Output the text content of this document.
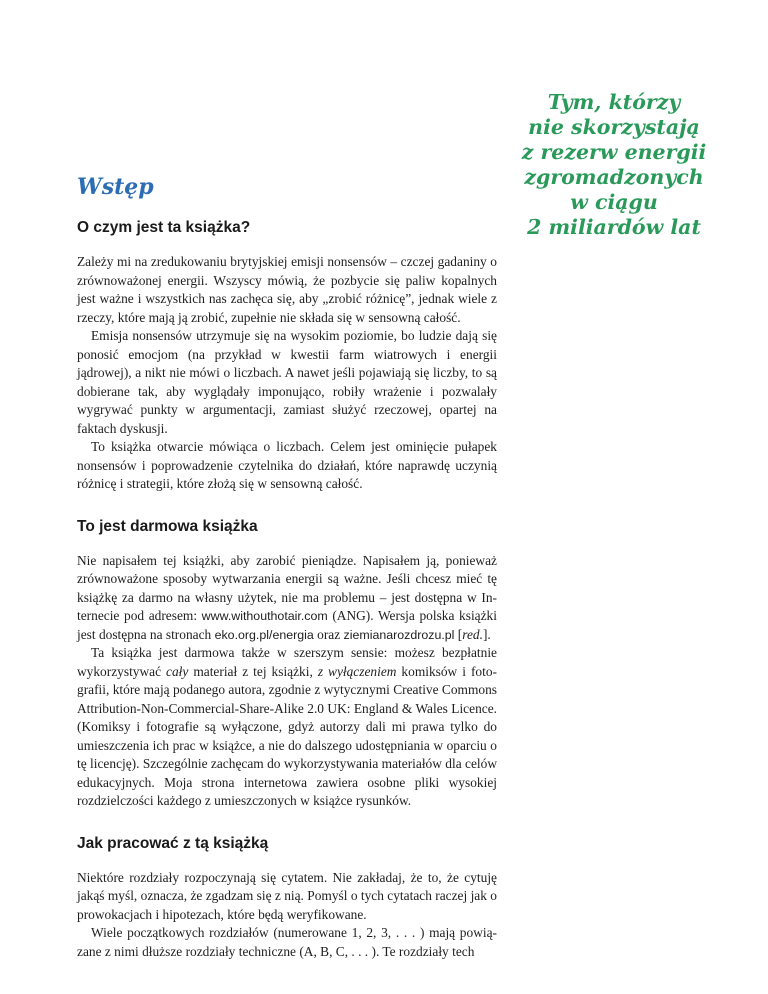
Tym, którzy
nie skorzystają
z rezerw energii
zgromadzonych
w ciągu
2 miliardów lat
Wstęp
O czym jest ta książka?

Zależy mi na zredukowaniu brytyjskiej emisji nonsensów – czczej gadaniny o zrównoważonej energii. Wszyscy mówią, że pozbycie się paliw kopalnych jest ważne i wszystkich nas zachęca się, aby „zrobić różnicę”, jednak wiele z rzeczy, które mają ją zrobić, zupełnie nie składa się w sensowną całość.

Emisja nonsensów utrzymuje się na wysokim poziomie, bo ludzie dają się ponosić emocjom (na przykład w kwestii farm wiatrowych i energii jądrowej), a nikt nie mówi o liczbach. A nawet jeśli pojawiają się liczby, to są dobierane tak, aby wyglądały imponująco, robiły wrażenie i pozwalały wygrywać punkty w argumentacji, zamiast służyć rzeczowej, opartej na faktach dyskusji.

To książka otwarcie mówiąca o liczbach. Celem jest ominięcie pułapek nonsensów i poprowadzenie czytelnika do działań, które naprawdę uczynią różnicę i strategii, które złożą się w sensowną całość.

To jest darmowa książka

Nie napisałem tej książki, aby zarobić pieniądze. Napisałem ją, ponieważ zrównoważone sposoby wytwarzania energii są ważne. Jeśli chcesz mieć tę książkę za darmo na własny użytek, nie ma problemu – jest dostępna w Internecie pod adresem: www.withouthotair.com (ANG). Wersja polska książki jest dostępna na stronach eko.org.pl/energia oraz ziemianarozdrozu.pl [red.].

Ta książka jest darmowa także w szerszym sensie: możesz bezpłatnie wykorzystywać cały materiał z tej książki, z wyłączeniem komiksów i fotografii, które mają podanego autora, zgodnie z wytycznymi Creative Commons Attribution-Non-Commercial-Share-Alike 2.0 UK: England & Wales Licence. (Komiksy i fotografie są wyłączone, gdyż autorzy dali mi prawa tylko do umieszczenia ich prac w książce, a nie do dalszego udostępniania w oparciu o tę licencję). Szczególnie zachęcam do wykorzystywania materiałów dla celów edukacyjnych. Moja strona internetowa zawiera osobne pliki wysokiej rozdzielczości każdego z umieszczonych w książce rysunków.

Jak pracować z tą książką

Niektóre rozdziały rozpoczynają się cytatem. Nie zakładaj, że to, że cytuję jakąś myśl, oznacza, że zgadzam się z nią. Pomyśl o tych cytatach raczej jak o prowokacjach i hipotezach, które będą weryfikowane.

Wiele początkowych rozdziałów (numerowane 1, 2, 3, . . . ) mają powiązane z nimi dłuższe rozdziały techniczne (A, B, C, . . . ). Te rozdziały tech
